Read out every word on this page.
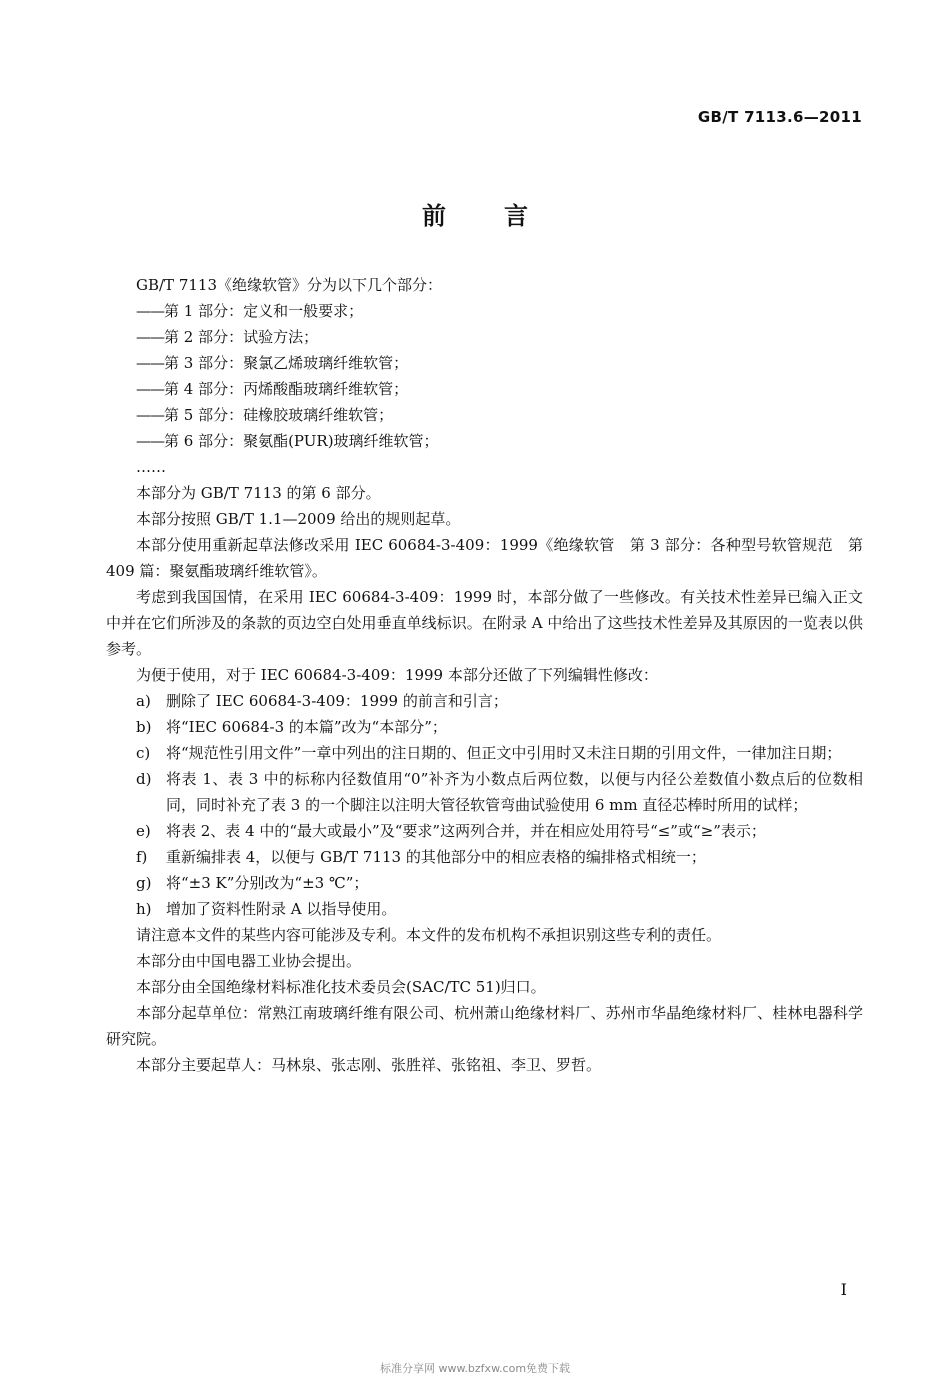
GB/T 7113.6—2011
前言

GB/T 7113《绝缘软管》分为以下几个部分：

——第 1 部分：定义和一般要求；

——第 2 部分：试验方法；

——第 3 部分：聚氯乙烯玻璃纤维软管；

——第 4 部分：丙烯酸酯玻璃纤维软管；

——第 5 部分：硅橡胶玻璃纤维软管；

——第 6 部分：聚氨酯(PUR)玻璃纤维软管；

……

本部分为 GB/T 7113 的第 6 部分。

本部分按照 GB/T 1.1—2009 给出的规则起草。

本部分使用重新起草法修改采用 IEC 60684-3-409：1999《绝缘软管　第 3 部分：各种型号软管规范　第409 篇：聚氨酯玻璃纤维软管》。

考虑到我国国情，在采用 IEC 60684-3-409：1999 时，本部分做了一些修改。有关技术性差异已编入正文中并在它们所涉及的条款的页边空白处用垂直单线标识。在附录 A 中给出了这些技术性差异及其原因的一览表以供参考。

为便于使用，对于 IEC 60684-3-409：1999 本部分还做了下列编辑性修改：

a)	删除了 IEC 60684-3-409：1999 的前言和引言；
b) 将“IEC 60684-3 的本篇”改为“本部分”；
c)	将“规范性引用文件”一章中列出的注日期的、但正文中引用时又未注日期的引用文件，一律加注日期；
d) 将表 1、表 3 中的标称内径数值用“0”补齐为小数点后两位数，以便与内径公差数值小数点后的位数相同，同时补充了表 3 的一个脚注以注明大管径软管弯曲试验使用 6 mm 直径芯棒时所用的试样；
e)	将表 2、表 4 中的“最大或最小”及“要求”这两列合并，并在相应处用符号“≤”或“≥”表示；
f)	重新编排表 4，以便与 GB/T 7113 的其他部分中的相应表格的编排格式相统一；
g) 将“±3 K”分别改为“±3 ℃”；
h) 增加了资料性附录 A 以指导使用。

请注意本文件的某些内容可能涉及专利。本文件的发布机构不承担识别这些专利的责任。

本部分由中国电器工业协会提出。

本部分由全国绝缘材料标准化技术委员会(SAC/TC 51)归口。

本部分起草单位：常熟江南玻璃纤维有限公司、杭州萧山绝缘材料厂、苏州市华晶绝缘材料厂、桂林电器科学研究院。

本部分主要起草人：马林泉、张志刚、张胜祥、张铭祖、李卫、罗哲。

I
标准分享网 www.bzfxw.com免费下载
